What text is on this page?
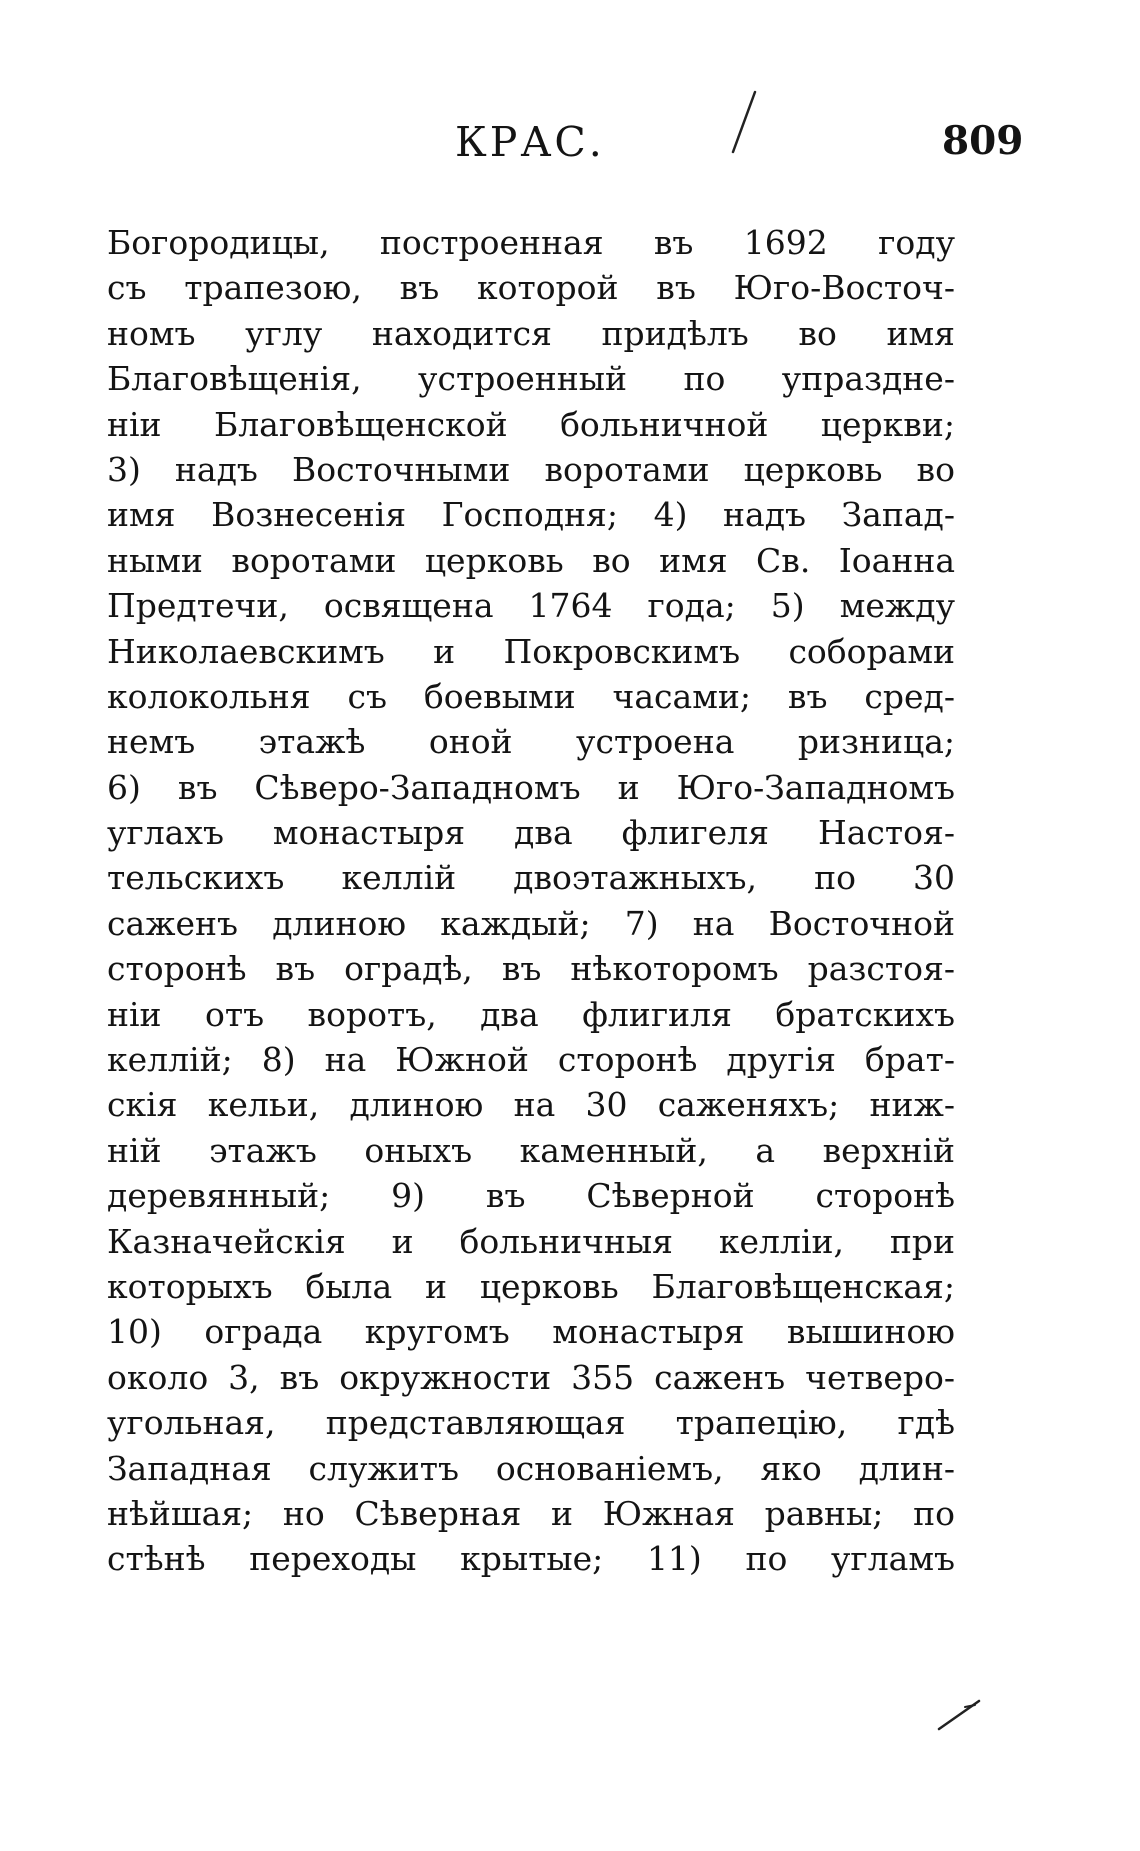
КРАС.	809
Богородицы, построенная въ 1692 году
съ трапезою, въ которой въ Юго-Восточ-
номъ углу находится придѣлъ во имя
Благовѣщенія, устроенный по упраздне-
ніи Благовѣщенской больничной церкви;
3) надъ Восточными воротами церковь во
имя Вознесенія Господня; 4) надъ Запад-
ными воротами церковь во имя Св. Іоанна
Предтечи, освящена 1764 года; 5) между
Николаевскимъ и Покровскимъ соборами
колокольня съ боевыми часами; въ сред-
немъ этажѣ оной устроена ризница;
6) въ Сѣверо-Западномъ и Юго-Западномъ
углахъ монастыря два флигеля Настоя-
тельскихъ келлій двоэтажныхъ, по 30
саженъ длиною каждый; 7) на Восточной
сторонѣ въ оградѣ, въ нѣкоторомъ разстоя-
ніи отъ воротъ, два флигиля братскихъ
келлій; 8) на Южной сторонѣ другія брат-
скія кельи, длиною на 30 саженяхъ; ниж-
ній этажъ оныхъ каменный, а верхній
деревянный; 9) въ Сѣверной сторонѣ
Казначейскія и больничныя келліи, при
которыхъ была и церковь Благовѣщенская;
10) ограда кругомъ монастыря вышиною
около 3, въ окружности 355 саженъ четверо-
угольная, представляющая трапецію, гдѣ
Западная служитъ основаніемъ, яко длин-
нѣйшая; но Сѣверная и Южная равны; по
стѣнѣ переходы крытые; 11) по угламъ
